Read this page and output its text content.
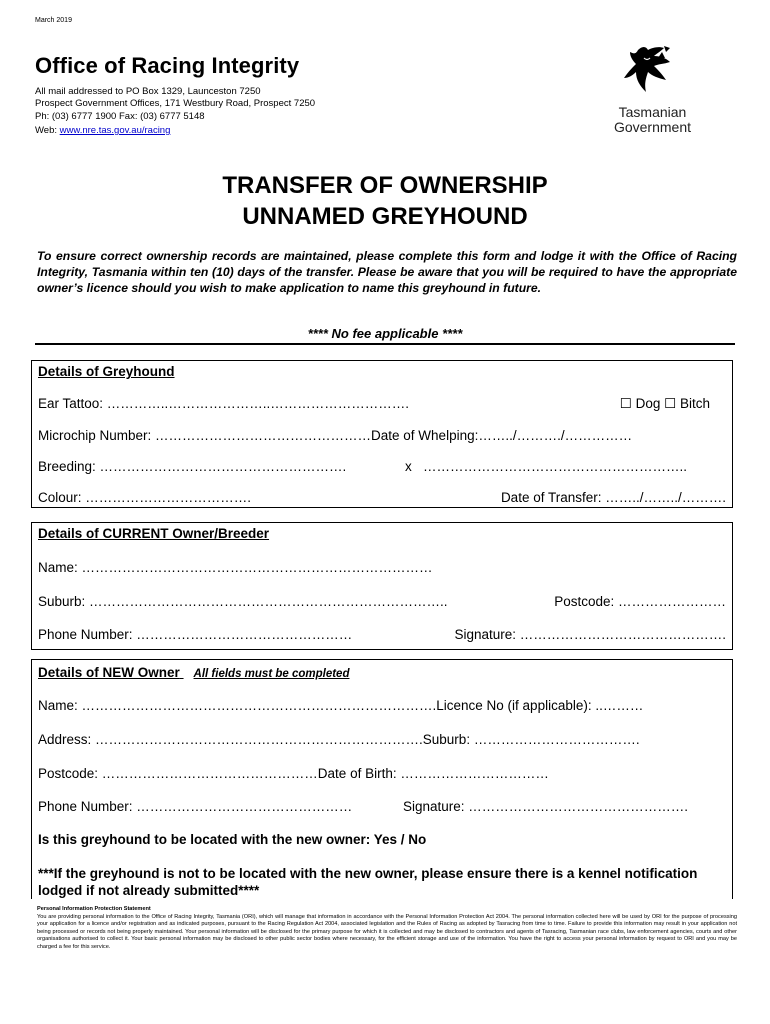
March 2019
Office of Racing Integrity
All mail addressed to PO Box 1329, Launceston 7250
Prospect Government Offices, 171 Westbury Road, Prospect 7250
Ph: (03) 6777 1900 Fax: (03) 6777 5148
Web: www.nre.tas.gov.au/racing
Tasmanian
Government
TRANSFER OF OWNERSHIP
UNNAMED GREYHOUND
To ensure correct ownership records are maintained, please complete this form and lodge it with the Office of Racing Integrity, Tasmania within ten (10) days of the transfer. Please be aware that you will be required to have the appropriate owner’s licence should you wish to make application to name this greyhound in future.
**** No fee applicable ****
Details of Greyhound
Ear Tattoo: …………..…………………..………………………….	☐ Dog ☐ Bitch
Microchip Number: …………………………………………Date of Whelping:……../………./……………
Breeding: ……………………………………………….	x …………………………………………………..
Colour: ……………………………….	Date of Transfer: ……../……../……….
Details of CURRENT Owner/Breeder
Name: ……………………………………………………………………
Suburb: ……………………………………………………………………..	Postcode: ……………………
Phone Number: …………………………………………	Signature: ……………………………………….
Details of NEW Owner All fields must be completed
Name: …………………………………………………………………….Licence No (if applicable): ..………
Address: ……………………………………………………………….Suburb: ……………………………….
Postcode: …………………………………………Date of Birth: ……………………………
Phone Number: …………………………………………	Signature: ………………………………………….
Is this greyhound to be located with the new owner: Yes / No
***If the greyhound is not to be located with the new owner, please ensure there is a kennel notification lodged if not already submitted****
Personal Information Protection Statement
You are providing personal information to the Office of Racing Integrity, Tasmania (ORI), which will manage that information in accordance with the Personal Information Protection Act 2004. The personal information collected here will be used by ORI for the purpose of processing your application for a licence and/or registration and as indicated purposes, pursuant to the Racing Regulation Act 2004, associated legislation and the Rules of Racing as adopted by Tasracing from time to time. Failure to provide this information may result in your application not being processed or records not being properly maintained. Your personal information will be disclosed for the primary purpose for which it is collected and may be disclosed to contractors and agents of Tasracing, Tasmanian race clubs, law enforcement agencies, courts and other organisations authorised to collect it. Your basic personal information may be disclosed to other public sector bodies where necessary, for the efficient storage and use of the information. You have the right to access your personal information by request to ORI and you may be charged a fee for this service.
